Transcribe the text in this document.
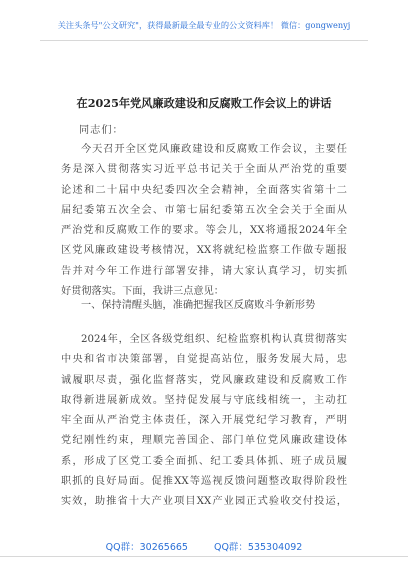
关注头条号"公文研究"，获得最新最全最专业的公文资料库！ 微信：gongwenyj
在2025年党风廉政建设和反腐败工作会议上的讲话
同志们：
今天召开全区党风廉政建设和反腐败工作会议，主要任
务是深入贯彻落实习近平总书记关于全面从严治党的重要
论述和二十届中央纪委四次全会精神，全面落实省第十二
届纪委第五次全会、市第七届纪委第五次全会关于全面从
严治党和反腐败工作的要求。等会儿，XX将通报2024年全
区党风廉政建设考核情况，XX将就纪检监察工作做专题报
告并对今年工作进行部署安排，请大家认真学习，切实抓
好贯彻落实。下面，我讲三点意见：
一、保持清醒头脑，准确把握我区反腐败斗争新形势
2024年，全区各级党组织、纪检监察机构认真贯彻落实
中央和省市决策部署，自觉提高站位，服务发展大局，忠
诚履职尽责，强化监督落实，党风廉政建设和反腐败工作
取得新进展新成效。坚持促发展与守底线相统一，主动扛
牢全面从严治党主体责任，深入开展党纪学习教育，严明
党纪刚性约束，理顺完善国企、部门单位党风廉政建设体
系，形成了区党工委全面抓、纪工委具体抓、班子成员履
职抓的良好局面。促推XX等巡视反馈问题整改取得阶段性
实效，助推省十大产业项目XX产业园正式验收交付投运，
QQ群：30265665	QQ群：535304092
